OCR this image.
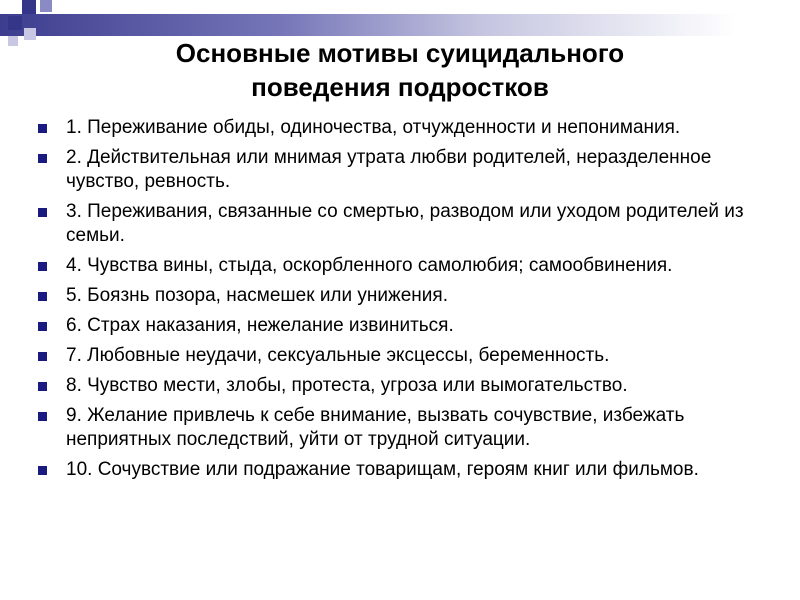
Основные мотивы суицидального
поведения подростков
1. Переживание обиды, одиночества, отчужденности и непонимания.
2. Действительная или мнимая утрата любви родителей, неразделенное чувство, ревность.
3. Переживания, связанные со смертью, разводом или уходом родителей из семьи.
4. Чувства вины, стыда, оскорбленного самолюбия; самообвинения.
5. Боязнь позора, насмешек или унижения.
6. Страх наказания, нежелание извиниться.
7. Любовные неудачи, сексуальные эксцессы, беременность.
8. Чувство мести, злобы, протеста, угроза или вымогательство.
9. Желание привлечь к себе внимание, вызвать сочувствие, избежать неприятных последствий, уйти от трудной ситуации.
10. Сочувствие или подражание товарищам, героям книг или фильмов.
